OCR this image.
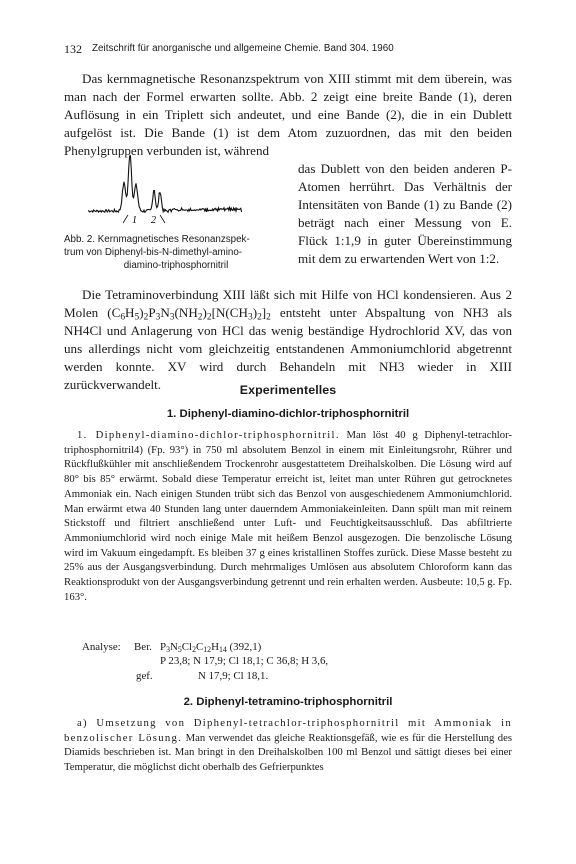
132 Zeitschrift für anorganische und allgemeine Chemie. Band 304. 1960
Das kernmagnetische Resonanzspektrum von XIII stimmt mit dem überein, was man nach der Formel erwarten sollte. Abb. 2 zeigt eine breite Bande (1), deren Auflösung in ein Triplett sich andeutet, und eine Bande (2), die in ein Dublett aufgelöst ist. Die Bande (1) ist dem Atom zuzuordnen, das mit den beiden Phenylgruppen verbunden ist, während
1 2
Abb. 2. Kernmagnetisches Resonanzspek-
trum von Diphenyl-bis-N-dimethyl-amino-
diamino-triphosphornitril
das Dublett von den beiden anderen P-Atomen herrührt. Das Verhältnis der Intensitäten von Bande (1) zu Bande (2) beträgt nach einer Messung von E. Flück 1:1,9 in guter Übereinstimmung mit dem zu erwartenden Wert von 1:2.
Die Tetraminoverbindung XIII läßt sich mit Hilfe von HCl kondensieren. Aus 2 Molen $(C_6H_5)_2P_3N_3(NH_2)_2[N(CH_3)_2]_2$ entsteht unter Abspaltung von NH3 als NH4Cl und Anlagerung von HCl das wenig beständige Hydrochlorid XV, das von uns allerdings nicht vom gleichzeitig entstandenen Ammoniumchlorid abgetrennt werden konnte. XV wird durch Behandeln mit NH3 wieder in XIII zurückverwandelt.	Experimentelles
1. Diphenyl-diamino-dichlor-triphosphornitril
1. Diphenyl-diamino-dichlor-triphosphornitril. Man löst 40 g Diphenyl-tetrachlor-triphosphornitril4) (Fp. 93°) in 750 ml absolutem Benzol in einem mit Einleitungsrohr, Rührer und Rückflußkühler mit anschließendem Trockenrohr ausgestattetem Dreihalskolben. Die Lösung wird auf 80° bis 85° erwärmt. Sobald diese Temperatur erreicht ist, leitet man unter Rühren gut getrocknetes Ammoniak ein. Nach einigen Stunden trübt sich das Benzol von ausgeschiedenem Ammoniumchlorid. Man erwärmt etwa 40 Stunden lang unter dauerndem Ammoniakeinleiten. Dann spült man mit reinem Stickstoff und filtriert anschließend unter Luft- und Feuchtigkeitsausschluß. Das abfiltrierte Ammoniumchlorid wird noch einige Male mit heißem Benzol ausgezogen. Die benzolische Lösung wird im Vakuum eingedampft. Es bleiben 37 g eines kristallinen Stoffes zurück. Diese Masse besteht zu 25% aus der Ausgangsverbindung. Durch mehrmaliges Umlösen aus absolutem Chloroform kann das Reaktionsprodukt von der Ausgangsverbindung getrennt und rein erhalten werden. Ausbeute: 10,5 g. Fp. 163°.
Analyse: Ber. $P_3N_5Cl_2C_{12}H_{14}$ (392,1)
P 23,8; N 17,9; Cl 18,1; C 36,8; H 3,6,
gef.	N 17,9; Cl 18,1.
2. Diphenyl-tetramino-triphosphornitril
a) Umsetzung von Diphenyl-tetrachlor-triphosphornitril mit Ammoniak in benzolischer Lösung. Man verwendet das gleiche Reaktionsgefäß, wie es für die Herstellung des Diamids beschrieben ist. Man bringt in den Dreihalskolben 100 ml Benzol und sättigt dieses bei einer Temperatur, die möglichst dicht oberhalb des Gefrierpunktes
